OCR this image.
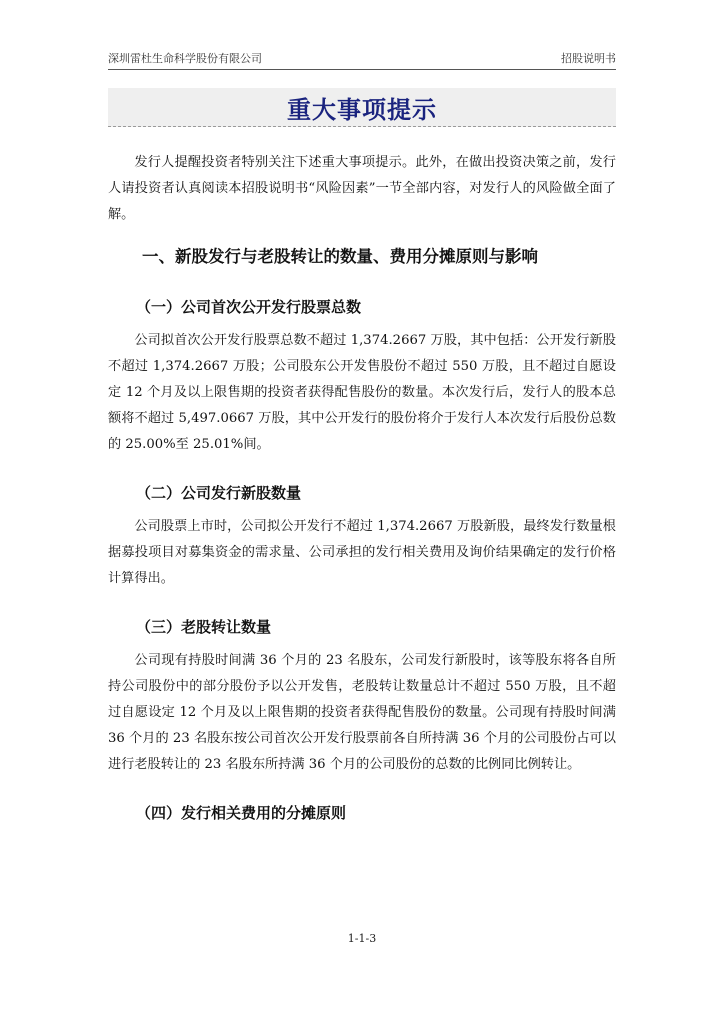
深圳雷杜生命科学股份有限公司	招股说明书
重大事项提示

发行人提醒投资者特别关注下述重大事项提示。此外，在做出投资决策之前，发行人请投资者认真阅读本招股说明书“风险因素”一节全部内容，对发行人的风险做全面了解。

一、新股发行与老股转让的数量、费用分摊原则与影响
（一）公司首次公开发行股票总数

公司拟首次公开发行股票总数不超过 1,374.2667 万股，其中包括：公开发行新股不超过 1,374.2667 万股；公司股东公开发售股份不超过 550 万股，且不超过自愿设定 12 个月及以上限售期的投资者获得配售股份的数量。本次发行后，发行人的股本总额将不超过 5,497.0667 万股，其中公开发行的股份将介于发行人本次发行后股份总数的 25.00%至 25.01%间。

（二）公司发行新股数量

公司股票上市时，公司拟公开发行不超过 1,374.2667 万股新股，最终发行数量根据募投项目对募集资金的需求量、公司承担的发行相关费用及询价结果确定的发行价格计算得出。

（三）老股转让数量

公司现有持股时间满 36 个月的 23 名股东，公司发行新股时，该等股东将各自所持公司股份中的部分股份予以公开发售，老股转让数量总计不超过 550 万股，且不超过自愿设定 12 个月及以上限售期的投资者获得配售股份的数量。公司现有持股时间满 36 个月的 23 名股东按公司首次公开发行股票前各自所持满 36 个月的公司股份占可以进行老股转让的 23 名股东所持满 36 个月的公司股份的总数的比例同比例转让。

（四）发行相关费用的分摊原则
1-1-3
